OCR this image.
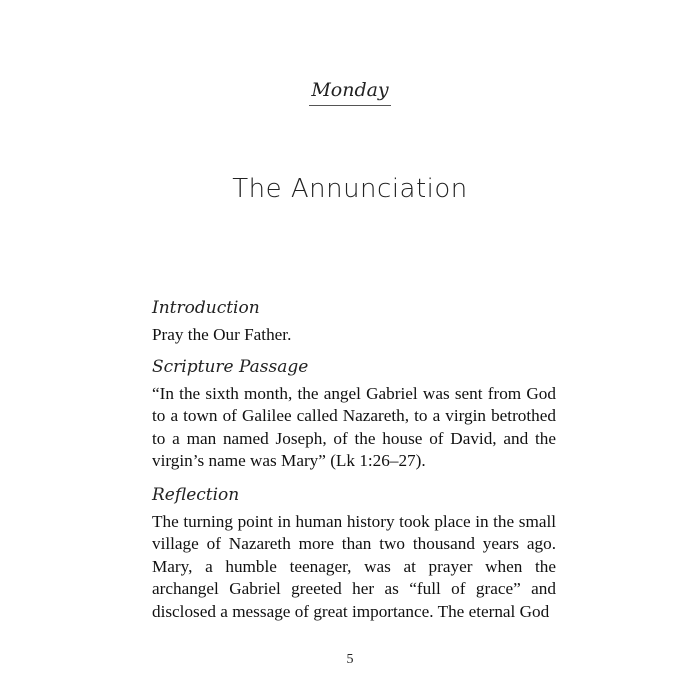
Monday
The Annunciation
Introduction

Pray the Our Father.

Scripture Passage

“In the sixth month, the angel Gabriel was sent from God to a town of Galilee called Nazareth, to a virgin betrothed to a man named Joseph, of the house of David, and the virgin’s name was Mary” (Lk 1:26–27).

Reflection

The turning point in human history took place in the small village of Nazareth more than two thousand years ago. Mary, a humble teenager, was at prayer when the archangel Gabriel greeted her as “full of grace” and disclosed a message of great importance. The eternal God

5
